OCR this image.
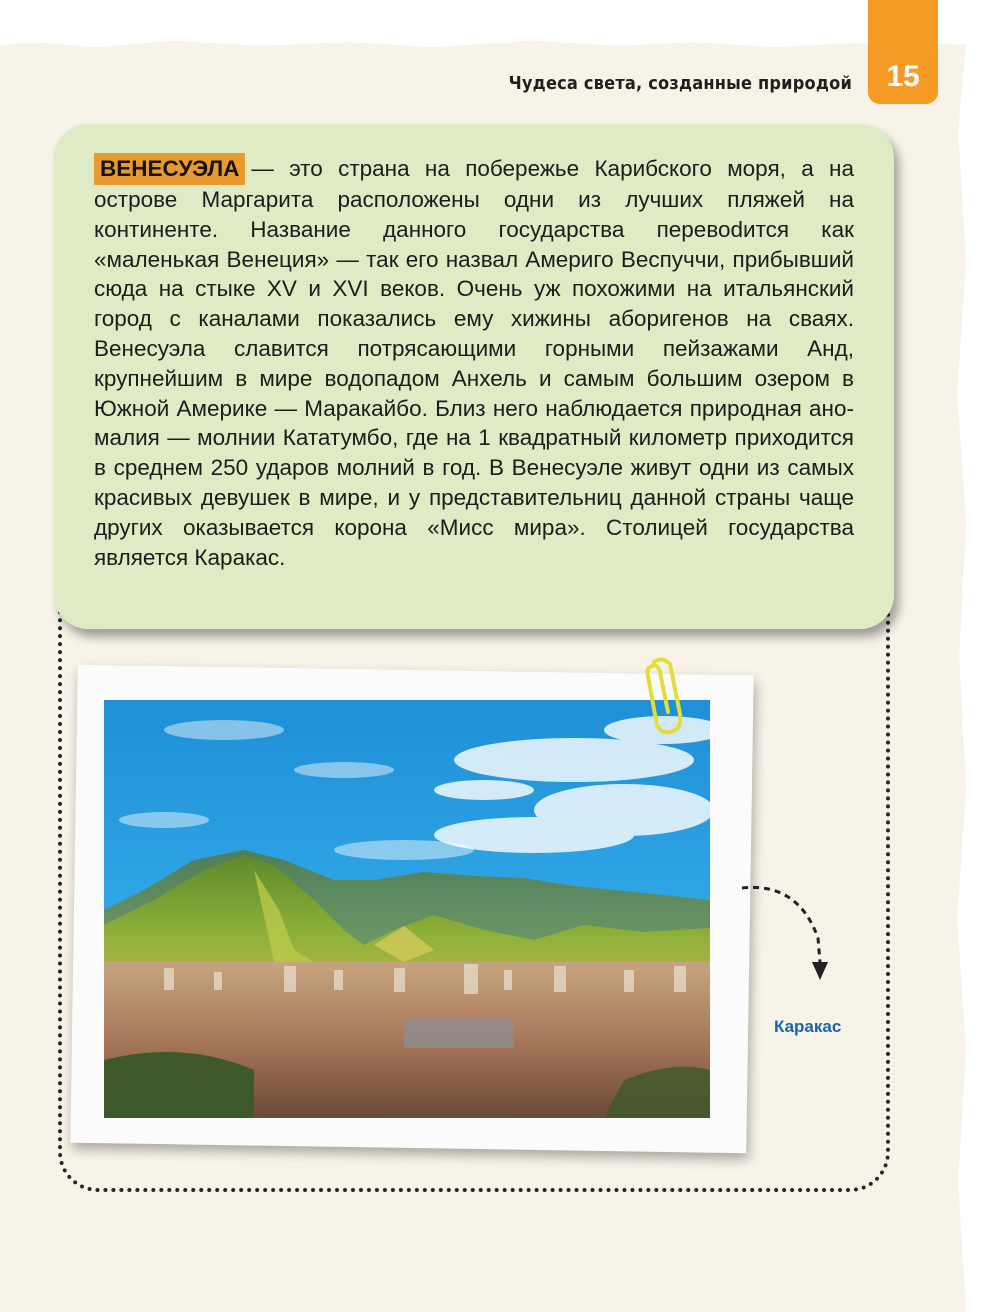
15
Чудеса света, созданные природой

ВЕНЕСУЭЛА — это страна на побережье Карибского моря, а на острове Маргарита расположены одни из лучших пляжей на континенте. Название данного государства перевоdится как «маленькая Венеция» — так его назвал Америго Веспуччи, прибывший сюда на стыке XV и XVI веков. Очень уж похожими на итальянский город с каналами показались ему хижины аборигенов на сваях. Венесуэла славится потрясающими горными пейзажами Анд, крупнейшим в мире водопадом Анхель и самым большим озером в Южной Америке — Маракайбо. Близ него наблюдается природная аномалия — молнии Кататумбо, где на 1 квадратный километр приходится в среднем 250 ударов молний в год. В Венесуэле живут одни из самых красивых девушек в мире, и у представительниц данной страны чаще других оказывается корона «Мисс мира». Столицей государства является Каракас.

Каракас
